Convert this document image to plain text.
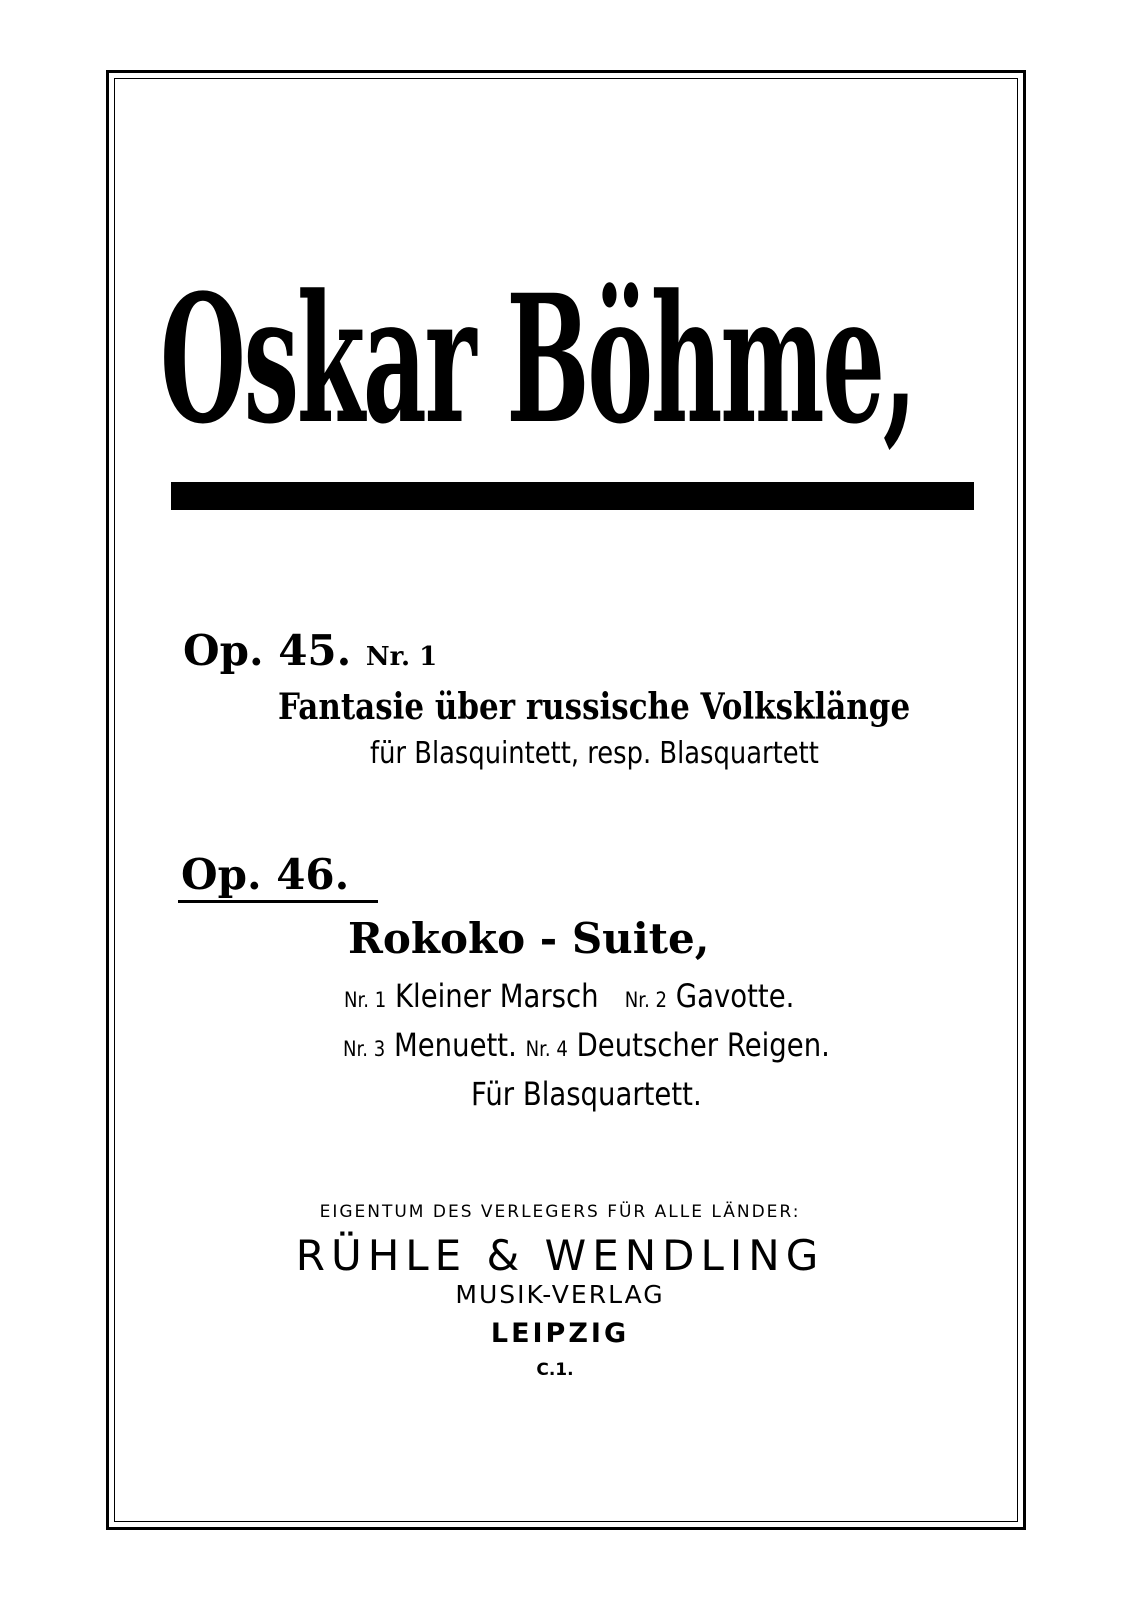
Oskar Böhme,
Op. 45. Nr. 1
Fantasie über russische Volksklänge
für Blasquintett, resp. Blasquartett
Op. 46.
Rokoko - Suite,
Nr. 1 Kleiner Marsch Nr. 2 Gavotte.
Nr. 3 Menuett. Nr. 4 Deutscher Reigen.
Für Blasquartett.
EIGENTUM DES VERLEGERS FÜR ALLE LÄNDER:
RÜHLE & WENDLING
MUSIK-VERLAG
LEIPZIG
C.1.
